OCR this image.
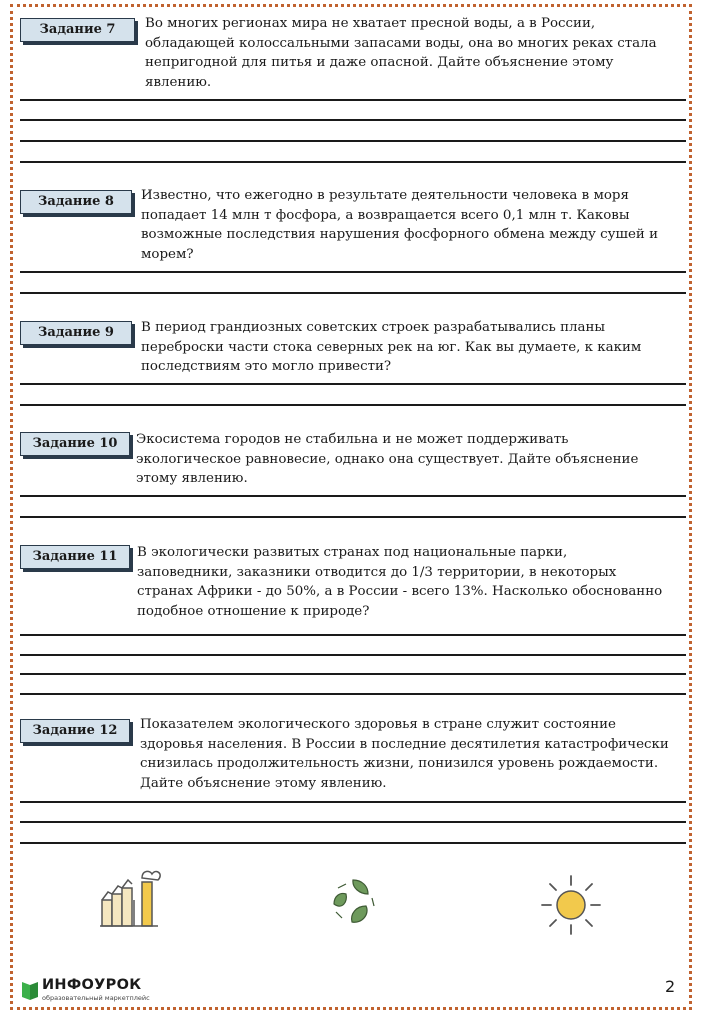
Задание 7	Во многих регионах мира не хватает пресной воды, а в России,
обладающей колоссальными запасами воды, она во многих реках стала
непригодной для питья и даже опасной. Дайте объяснение этому
явлению.
Задание 8	Известно, что ежегодно в результате деятельности человека в моря
попадает 14 млн т фосфора, а возвращается всего 0,1 млн т. Каковы
возможные последствия нарушения фосфорного обмена между сушей и
морем?
Задание 9	В период грандиозных советских строек разрабатывались планы
переброски части стока северных рек на юг. Как вы думаете, к каким
последствиям это могло привести?
Задание 10	Экосистема городов не стабильна и не может поддерживать
экологическое равновесие, однако она существует. Дайте объяснение
этому явлению.
Задание 11	В экологически развитых странах под национальные парки,
заповедники, заказники отводится до 1/3 территории, в некоторых
странах Африки - до 50%, а в России - всего 13%. Насколько обоснованно
подобное отношение к природе?
Задание 12	Показателем экологического здоровья в стране служит состояние
здоровья населения. В России в последние десятилетия катастрофически
снизилась продолжительность жизни, понизился уровень рождаемости.
Дайте объяснение этому явлению.
ИНФОУРОК
образовательный маркетплейс
2
